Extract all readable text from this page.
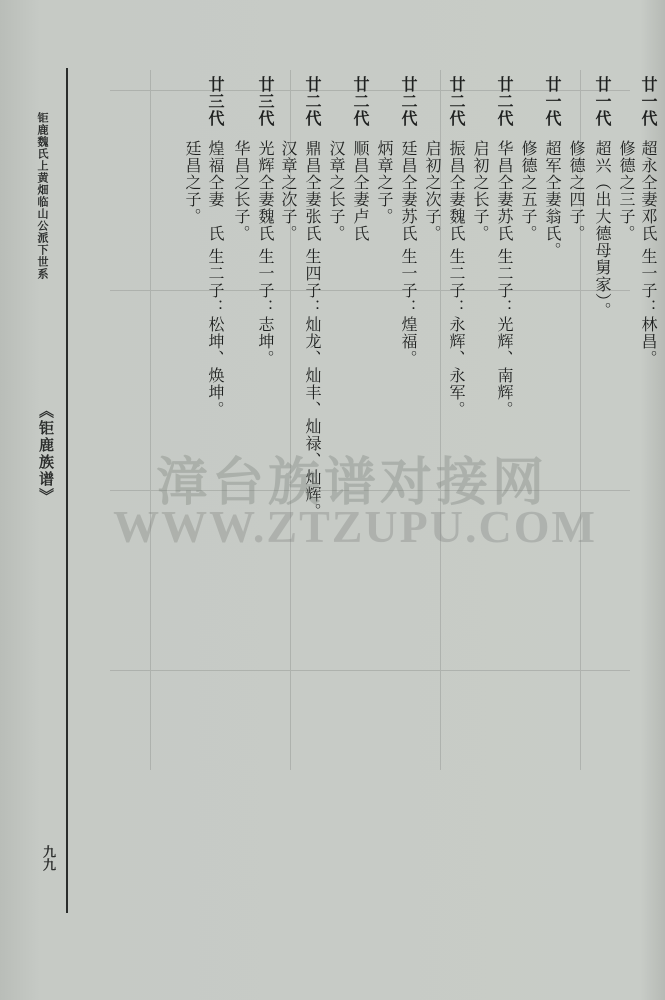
钜鹿魏氏上黄畑临山公派下世系
《钜鹿族谱》
九九
廿一代
超永仝妻邓氏 生一子：林昌。
修德之三子。
廿一代
超兴（出大德母舅家）。
修德之四子。
廿一代
超军仝妻翁氏。
修德之五子。
廿二代
华昌仝妻苏氏 生二子：光辉、南辉。
启初之长子。
廿二代
振昌仝妻魏氏 生二子：永辉、永军。
启初之次子。
廿二代
廷昌仝妻苏氏 生一子：煌福。
炳章之子。
廿二代
顺昌仝妻卢氏
汉章之长子。
廿二代
鼎昌仝妻张氏 生四子：灿龙、灿丰、灿禄、灿辉。
汉章之次子。
廿三代
光辉仝妻魏氏 生一子：志坤。
华昌之长子。
廿三代
煌福仝妻　氏 生二子：松坤、焕坤。
廷昌之子。
漳台族谱对接网
WWW.ZTZUPU.COM
